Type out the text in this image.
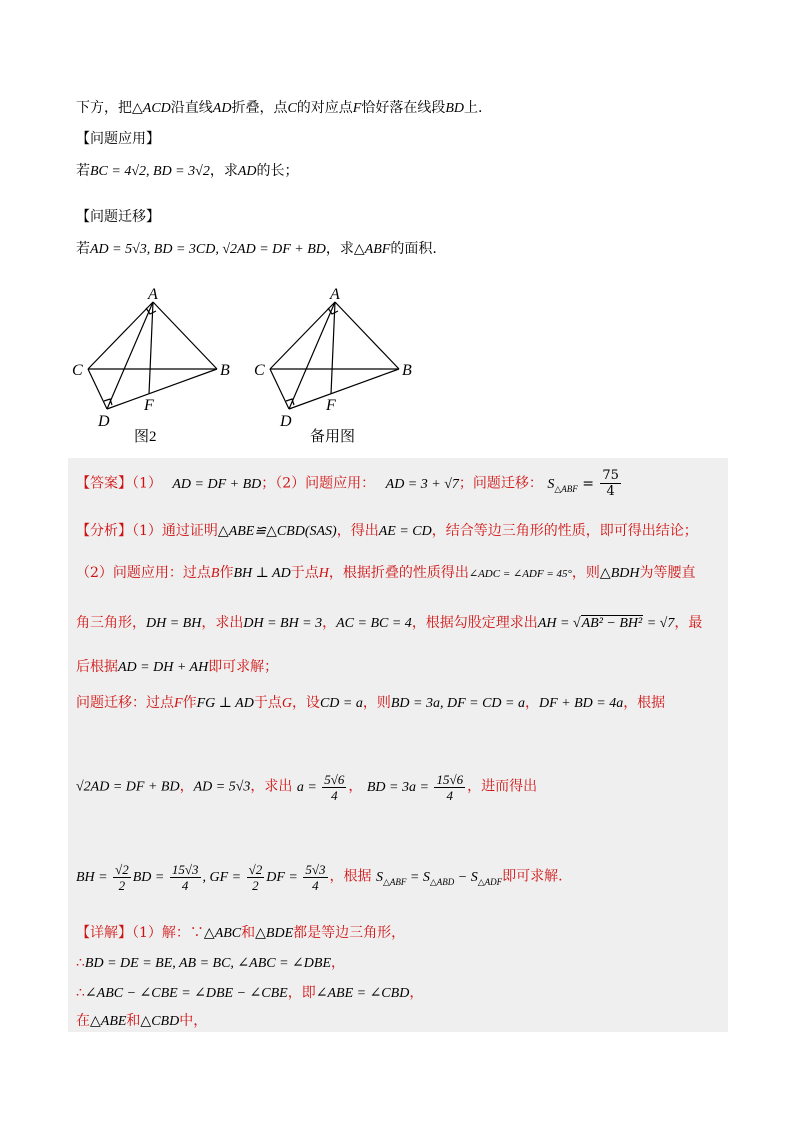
下方，把△ACD沿直线AD折叠，点C的对应点F恰好落在线段BD上.
【问题应用】
若BC = 4√2, BD = 3√2，求AD的长；
【问题迁移】
若AD = 5√3, BD = 3CD, √2AD = DF + BD，求△ABF的面积.
A
C	B
D
F
图2
A
C	B
D
F
备用图
【答案】（1） AD = DF + BD；（2）问题应用： AD = 3 + √7；问题迁移： $S_{\triangle ABF} = \frac{75}{4}$
【分析】（1）通过证明△ABE≌△CBD(SAS)，得出AE = CD，结合等边三角形的性质，即可得出结论；
（2）问题应用：过点B作BH ⊥ AD于点H，根据折叠的性质得出∠ADC = ∠ADF = 45°，则△BDH为等腰直
角三角形，DH = BH，求出DH = BH = 3，AC = BC = 4，根据勾股定理求出AH = √AB² − BH² = √7，最
后根据AD = DH + AH即可求解；
问题迁移：过点F作FG ⊥ AD于点G，设CD = a，则BD = 3a, DF = CD = a，DF + BD = 4a，根据
√2AD = DF + BD，AD = 5√3，求出 $a = \frac{5√6}{4}$ ， BD = $3a = \frac{15√6}{4}$ ，进而得出
BH = $\frac{√2}{2}$ BD = $\frac{15√3}{4}$ , GF = $\frac{√2}{2}$ DF = $\frac{5√3}{4}$ ，根据 $S_{\triangle ABF} = S_{\triangle ABD} - S_{\triangle ADF}$即可求解.
【详解】（1）解：∵△ABC和△BDE都是等边三角形，
∴BD = DE = BE, AB = BC, ∠ABC = ∠DBE，
∴∠ABC − ∠CBE = ∠DBE − ∠CBE，即∠ABE = ∠CBD，
在△ABE和△CBD中，
